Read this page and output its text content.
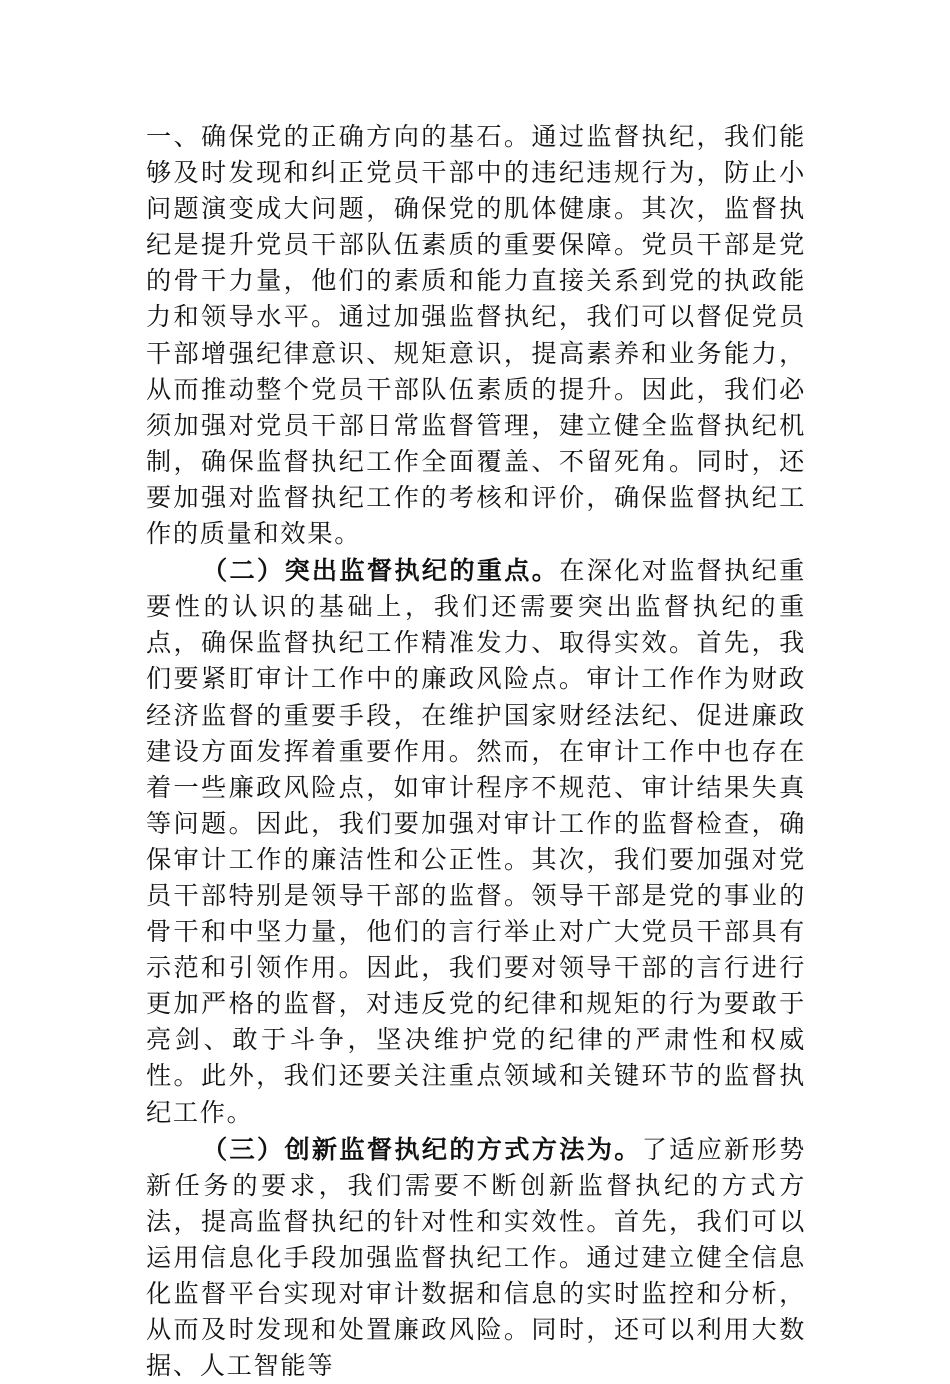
一、确保党的正确方向的基石。通过监督执纪，我们能够及时发现和纠正党员干部中的违纪违规行为，防止小问题演变成大问题，确保党的肌体健康。其次，监督执纪是提升党员干部队伍素质的重要保障。党员干部是党的骨干力量，他们的素质和能力直接关系到党的执政能力和领导水平。通过加强监督执纪，我们可以督促党员干部增强纪律意识、规矩意识，提高素养和业务能力，从而推动整个党员干部队伍素质的提升。因此，我们必须加强对党员干部日常监督管理，建立健全监督执纪机制，确保监督执纪工作全面覆盖、不留死角。同时，还要加强对监督执纪工作的考核和评价，确保监督执纪工作的质量和效果。

（二）突出监督执纪的重点。在深化对监督执纪重要性的认识的基础上，我们还需要突出监督执纪的重点，确保监督执纪工作精准发力、取得实效。首先，我们要紧盯审计工作中的廉政风险点。审计工作作为财政经济监督的重要手段，在维护国家财经法纪、促进廉政建设方面发挥着重要作用。然而，在审计工作中也存在着一些廉政风险点，如审计程序不规范、审计结果失真等问题。因此，我们要加强对审计工作的监督检查，确保审计工作的廉洁性和公正性。其次，我们要加强对党员干部特别是领导干部的监督。领导干部是党的事业的骨干和中坚力量，他们的言行举止对广大党员干部具有示范和引领作用。因此，我们要对领导干部的言行进行更加严格的监督，对违反党的纪律和规矩的行为要敢于亮剑、敢于斗争，坚决维护党的纪律的严肃性和权威性。此外，我们还要关注重点领域和关键环节的监督执纪工作。

（三）创新监督执纪的方式方法为。了适应新形势新任务的要求，我们需要不断创新监督执纪的方式方法，提高监督执纪的针对性和实效性。首先，我们可以运用信息化手段加强监督执纪工作。通过建立健全信息化监督平台实现对审计数据和信息的实时监控和分析，从而及时发现和处置廉政风险。同时，还可以利用大数据、人工智能等
